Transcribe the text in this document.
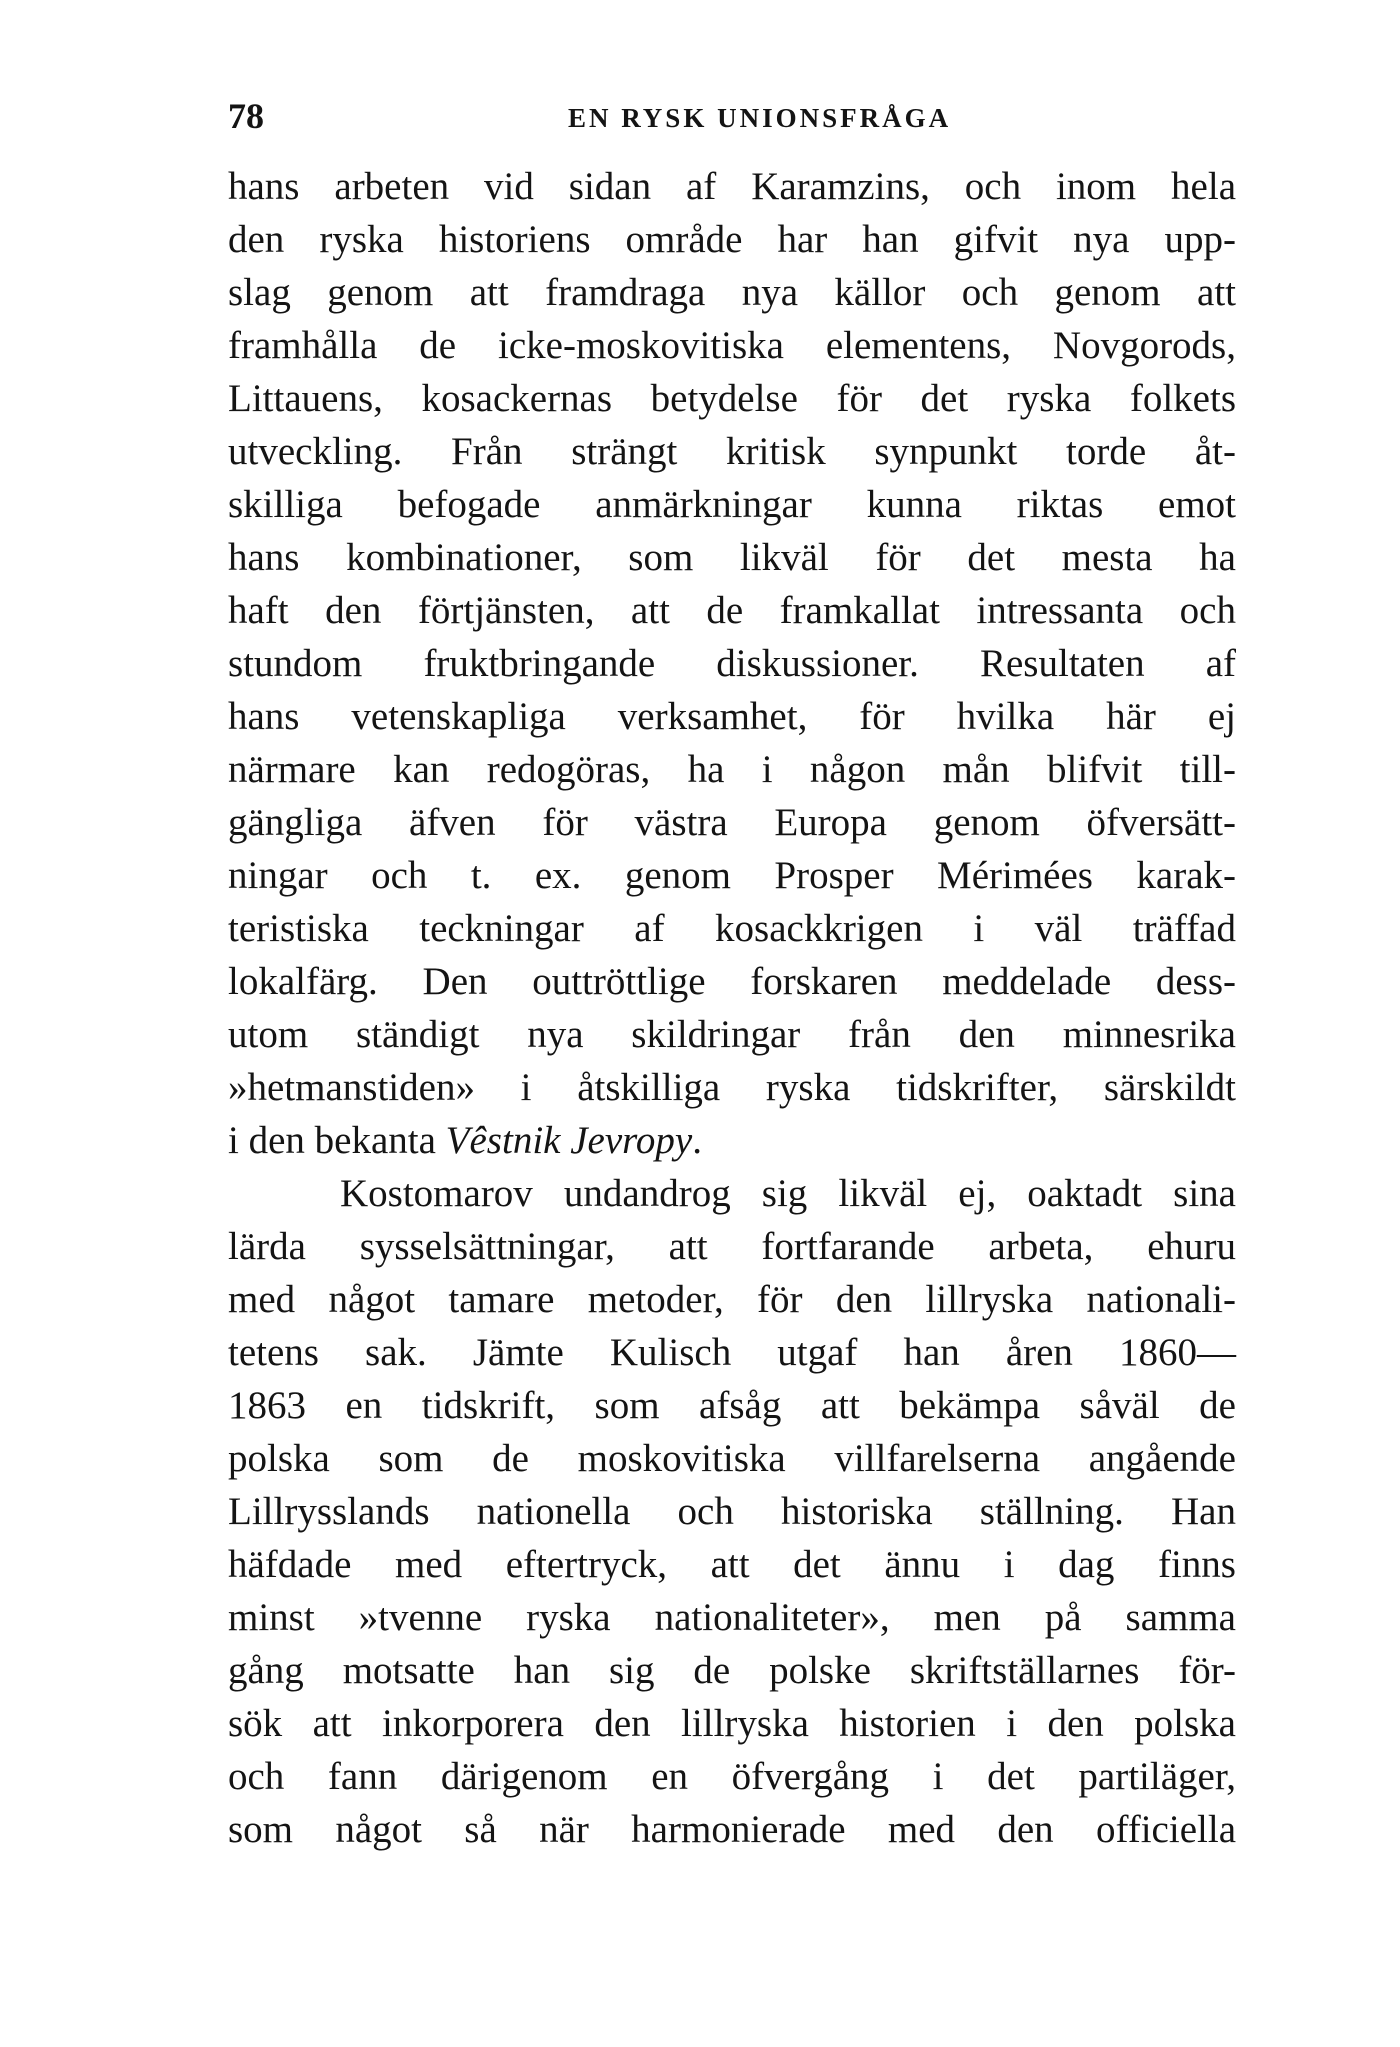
78	EN RYSK UNIONSFRÅGA
hans arbeten vid sidan af Karamzins, och inom hela
den ryska historiens område har han gifvit nya upp-
slag genom att framdraga nya källor och genom att
framhålla de icke-moskovitiska elementens, Novgorods,
Littauens, kosackernas betydelse för det ryska folkets
utveckling. Från strängt kritisk synpunkt torde åt-
skilliga befogade anmärkningar kunna riktas emot
hans kombinationer, som likväl för det mesta ha
haft den förtjänsten, att de framkallat intressanta och
stundom fruktbringande diskussioner. Resultaten af
hans vetenskapliga verksamhet, för hvilka här ej
närmare kan redogöras, ha i någon mån blifvit till-
gängliga äfven för västra Europa genom öfversätt-
ningar och t. ex. genom Prosper Mérimées karak-
teristiska teckningar af kosackkrigen i väl träffad
lokalfärg. Den outtröttlige forskaren meddelade dess-
utom ständigt nya skildringar från den minnesrika
»hetmanstiden» i åtskilliga ryska tidskrifter, särskildt
i den bekanta Vêstnik Jevropy.
Kostomarov undandrog sig likväl ej, oaktadt sina
lärda sysselsättningar, att fortfarande arbeta, ehuru
med något tamare metoder, för den lillryska nationali-
tetens sak. Jämte Kulisch utgaf han åren 1860—
1863 en tidskrift, som afsåg att bekämpa såväl de
polska som de moskovitiska villfarelserna angående
Lillrysslands nationella och historiska ställning. Han
häfdade med eftertryck, att det ännu i dag finns
minst »tvenne ryska nationaliteter», men på samma
gång motsatte han sig de polske skriftställarnes för-
sök att inkorporera den lillryska historien i den polska
och fann därigenom en öfvergång i det partiläger,
som något så när harmonierade med den officiella
